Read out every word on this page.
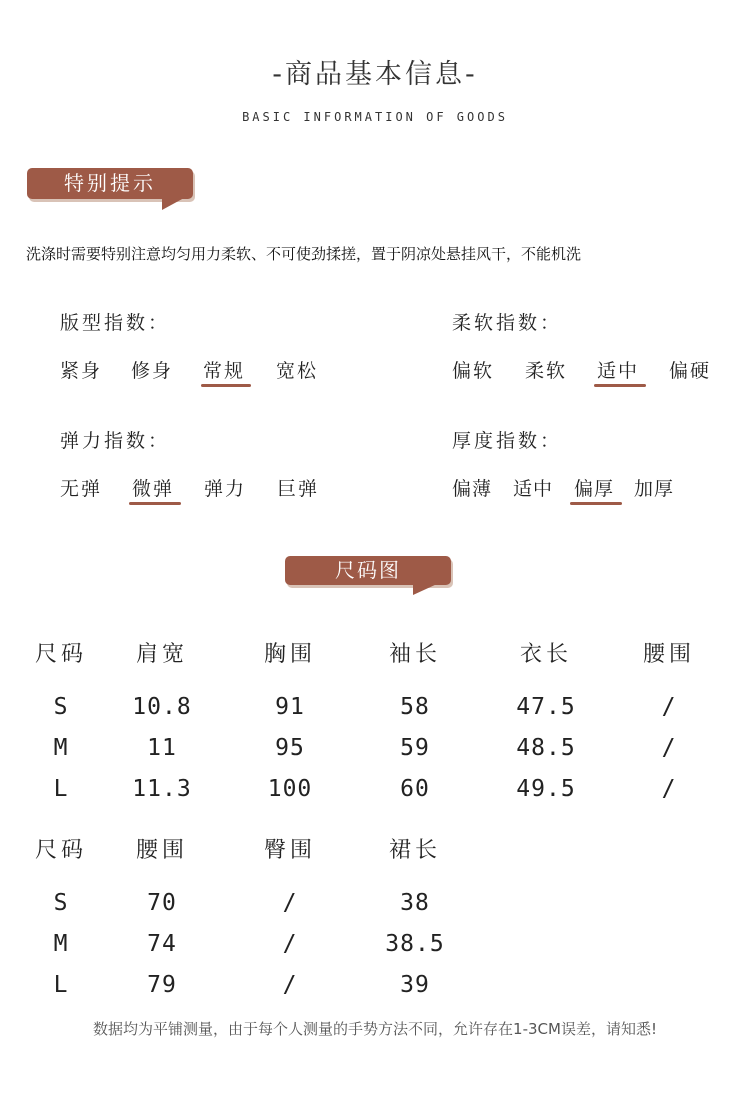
-商品基本信息-
BASIC INFORMATION OF GOODS
特别提示
洗涤时需要特别注意均匀用力柔软、不可使劲揉搓，置于阴凉处悬挂风干，不能机洗
版型指数：
紧身 修身 常规 宽松
柔软指数：
偏软 柔软 适中 偏硬
弹力指数：
无弹 微弹 弹力 巨弹
厚度指数：
偏薄 适中 偏厚 加厚
尺码图
尺码	肩宽	胸围	袖长	衣长	腰围
S	10.8	91	58	47.5	/
M	11	95	59	48.5	/
L	11.3	100	60	49.5	/
尺码	腰围	臀围	裙长
S	70	/	38
M	74	/	38.5
L	79	/	39
数据均为平铺测量，由于每个人测量的手势方法不同，允许存在1-3CM误差，请知悉!
